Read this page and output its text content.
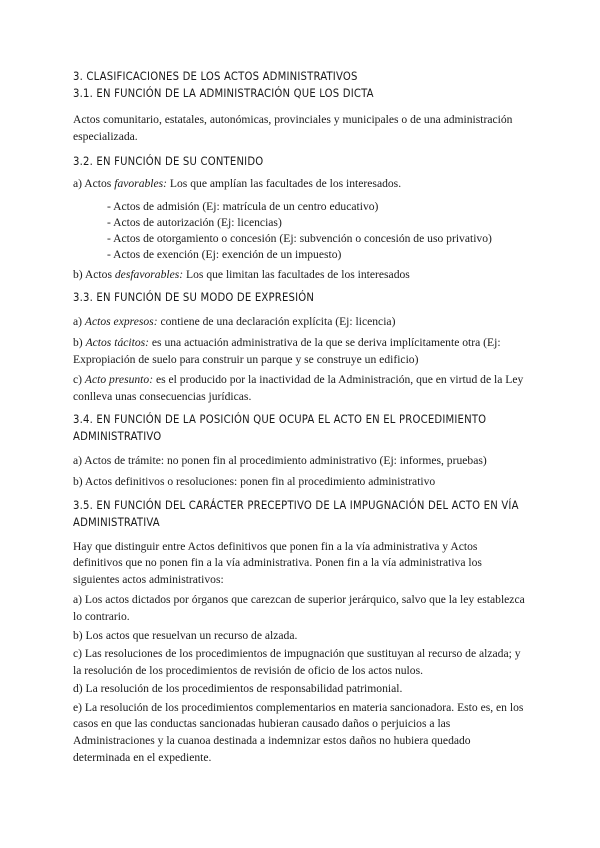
3. CLASIFICACIONES DE LOS ACTOS ADMINISTRATIVOS

3.1. EN FUNCIÓN DE LA ADMINISTRACIÓN QUE LOS DICTA

Actos comunitario, estatales, autonómicas, provinciales y municipales o de una administración especializada.

3.2. EN FUNCIÓN DE SU CONTENIDO

a) Actos favorables: Los que amplían las facultades de los interesados.

- Actos de admisión (Ej: matrícula de un centro educativo)
- Actos de autorización (Ej: licencias)
- Actos de otorgamiento o concesión (Ej: subvención o concesión de uso privativo)
- Actos de exención (Ej: exención de un impuesto)

b) Actos desfavorables: Los que limitan las facultades de los interesados

3.3. EN FUNCIÓN DE SU MODO DE EXPRESIÓN

a) Actos expresos: contiene de una declaración explícita (Ej: licencia)

b) Actos tácitos: es una actuación administrativa de la que se deriva implícitamente otra (Ej: Expropiación de suelo para construir un parque y se construye un edificio)

c) Acto presunto: es el producido por la inactividad de la Administración, que en virtud de la Ley conlleva unas consecuencias jurídicas.

3.4. EN FUNCIÓN DE LA POSICIÓN QUE OCUPA EL ACTO EN EL PROCEDIMIENTO ADMINISTRATIVO

a) Actos de trámite: no ponen fin al procedimiento administrativo (Ej: informes, pruebas)

b) Actos definitivos o resoluciones: ponen fin al procedimiento administrativo

3.5. EN FUNCIÓN DEL CARÁCTER PRECEPTIVO DE LA IMPUGNACIÓN DEL ACTO EN VÍA ADMINISTRATIVA

Hay que distinguir entre Actos definitivos que ponen fin a la vía administrativa y Actos definitivos que no ponen fin a la vía administrativa. Ponen fin a la vía administrativa los siguientes actos administrativos:

a) Los actos dictados por órganos que carezcan de superior jerárquico, salvo que la ley establezca lo contrario.

b) Los actos que resuelvan un recurso de alzada.

c) Las resoluciones de los procedimientos de impugnación que sustituyan al recurso de alzada; y la resolución de los procedimientos de revisión de oficio de los actos nulos.

d) La resolución de los procedimientos de responsabilidad patrimonial.

e) La resolución de los procedimientos complementarios en materia sancionadora. Esto es, en los casos en que las conductas sancionadas hubieran causado daños o perjuicios a las Administraciones y la cuanoa destinada a indemnizar estos daños no hubiera quedado determinada en el expediente.
